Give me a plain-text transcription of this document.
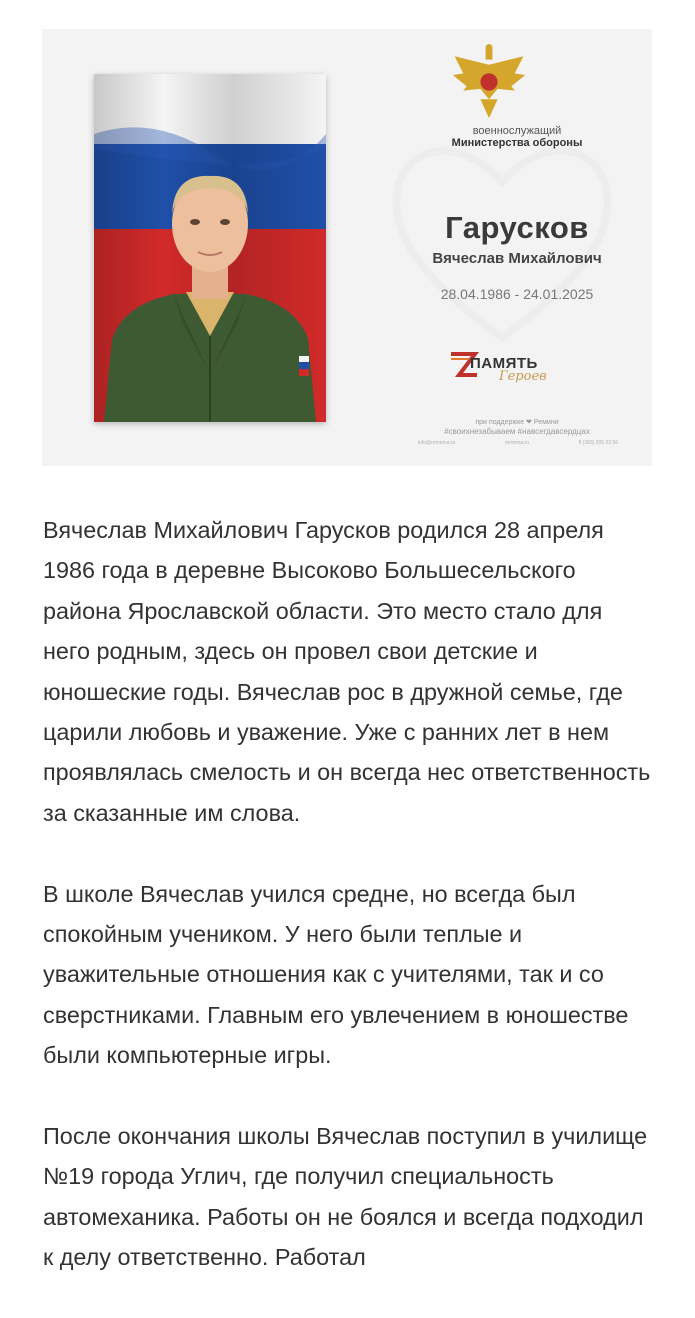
военнослужащий
Министерства обороны
Гарусков
Вячеслав Михайлович
28.04.1986 - 24.01.2025
ПАМЯТЬ
Героев
при поддержке ❤ Ремини
#своихнезабываем #навсегдавсердцах
info@remema.ru	remema.ru	8 (383) 205 23 56

Вячеслав Михайлович Гарусков родился 28 апреля 1986 года в деревне Высоково Большесельского района Ярославской области. Это место стало для него родным, здесь он провел свои детские и юношеские годы. Вячеслав рос в дружной семье, где царили любовь и уважение. Уже с ранних лет в нем проявлялась смелость и он всегда нес ответственность за сказанные им слова.

В школе Вячеслав учился средне, но всегда был спокойным учеником. У него были теплые и уважительные отношения как с учителями, так и со сверстниками. Главным его увлечением в юношестве были компьютерные игры.

После окончания школы Вячеслав поступил в училище №19 города Углич, где получил специальность автомеханика. Работы он не боялся и всегда подходил к делу ответственно. Работал
